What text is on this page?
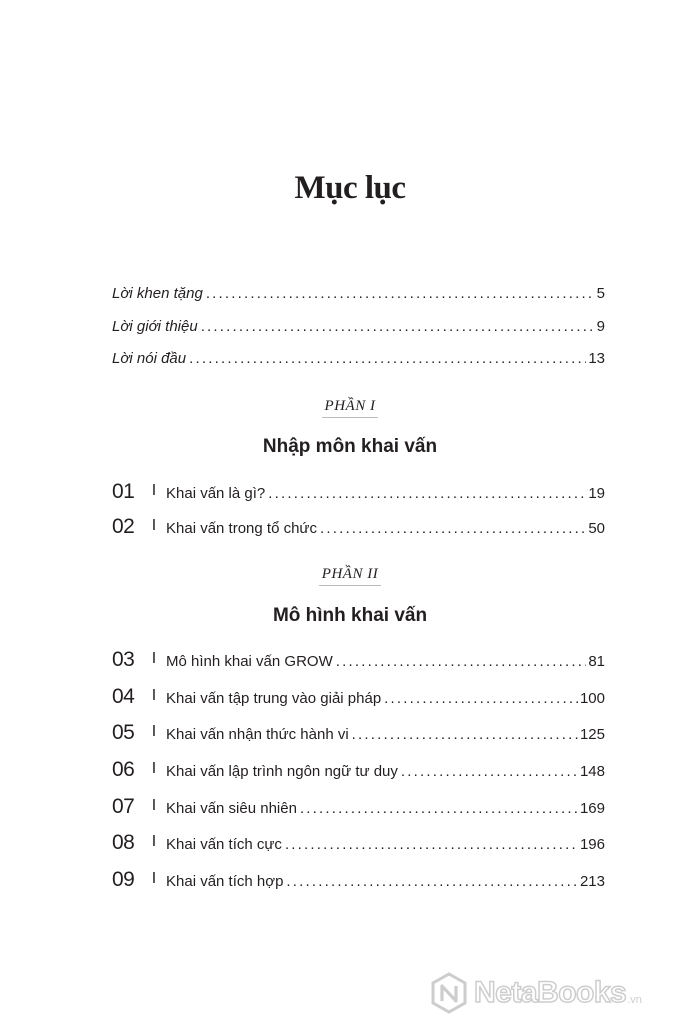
Mục lục
Lời khen tặng .....	5
Lời giới thiệu .....	9
Lời nói đầu .....	13
PHẦN I
Nhập môn khai vấn
01	I Khai vấn là gì? .....	19
02	I Khai vấn trong tổ chức .....	50
PHẦN II
Mô hình khai vấn
03	I Mô hình khai vấn GROW .....	81
04	I Khai vấn tập trung vào giải pháp .....	100
05	I Khai vấn nhận thức hành vi .....	125
06	I Khai vấn lập trình ngôn ngữ tư duy .....	148
07	I Khai vấn siêu nhiên .....	169
08	I Khai vấn tích cực .....	196
09	I Khai vấn tích hợp .....	213
NetaBooks .vn
